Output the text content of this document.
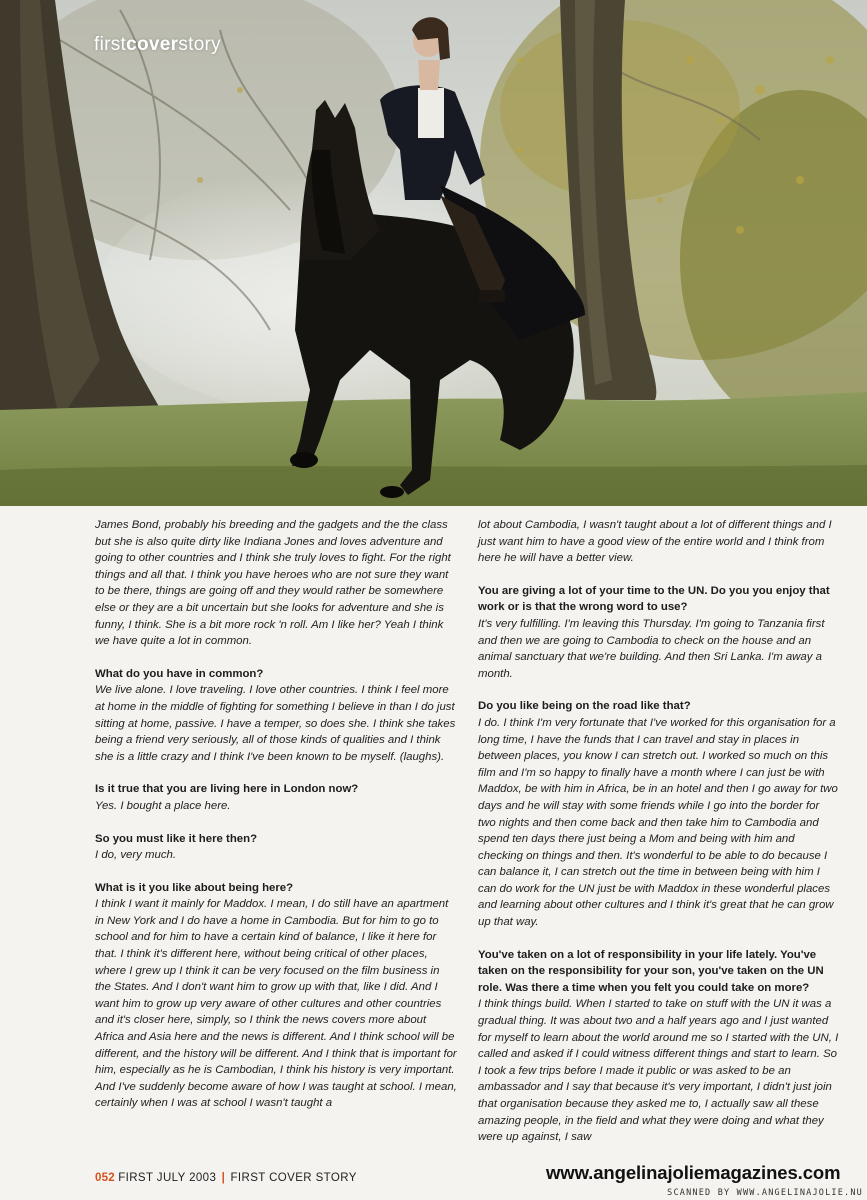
firstcoverstory

James Bond, probably his breeding and the gadgets and the the class but she is also quite dirty like Indiana Jones and loves adventure and going to other countries and I think she truly loves to fight. For the right things and all that. I think you have heroes who are not sure they want to be there, things are going off and they would rather be somewhere else or they are a bit uncertain but she looks for adventure and she is funny, I think. She is a bit more rock 'n roll. Am I like her? Yeah I think we have quite a lot in common.

What do you have in common?

We live alone. I love traveling. I love other countries. I think I feel more at home in the middle of fighting for something I believe in than I do just sitting at home, passive. I have a temper, so does she. I think she takes being a friend very seriously, all of those kinds of qualities and I think she is a little crazy and I think I've been known to be myself. (laughs).

Is it true that you are living here in London now?

Yes. I bought a place here.

So you must like it here then?

I do, very much.

What is it you like about being here?

I think I want it mainly for Maddox. I mean, I do still have an apartment in New York and I do have a home in Cambodia. But for him to go to school and for him to have a certain kind of balance, I like it here for that. I think it's different here, without being critical of other places, where I grew up I think it can be very focused on the film business in the States. And I don't want him to grow up with that, like I did. And I want him to grow up very aware of other cultures and other countries and it's closer here, simply, so I think the news covers more about Africa and Asia here and the news is different. And I think school will be different, and the history will be different. And I think that is important for him, especially as he is Cambodian, I think his history is very important. And I've suddenly become aware of how I was taught at school. I mean, certainly when I was at school I wasn't taught a

lot about Cambodia, I wasn't taught about a lot of different things and I just want him to have a good view of the entire world and I think from here he will have a better view.

You are giving a lot of your time to the UN. Do you you enjoy that work or is that the wrong word to use?

It's very fulfilling. I'm leaving this Thursday. I'm going to Tanzania first and then we are going to Cambodia to check on the house and an animal sanctuary that we're building. And then Sri Lanka. I'm away a month.

Do you like being on the road like that?

I do. I think I'm very fortunate that I've worked for this organisation for a long time, I have the funds that I can travel and stay in places in between places, you know I can stretch out. I worked so much on this film and I'm so happy to finally have a month where I can just be with Maddox, be with him in Africa, be in an hotel and then I go away for two days and he will stay with some friends while I go into the border for two nights and then come back and then take him to Cambodia and spend ten days there just being a Mom and being with him and checking on things and then. It's wonderful to be able to do because I can balance it, I can stretch out the time in between being with him I can do work for the UN just be with Maddox in these wonderful places and learning about other cultures and I think it's great that he can grow up that way.

You've taken on a lot of responsibility in your life lately. You've taken on the responsibility for your son, you've taken on the UN role. Was there a time when you felt you could take on more?

I think things build. When I started to take on stuff with the UN it was a gradual thing. It was about two and a half years ago and I just wanted for myself to learn about the world around me so I started with the UN, I called and asked if I could witness different things and start to learn. So I took a few trips before I made it public or was asked to be an ambassador and I say that because it's very important, I didn't just join that organisation because they asked me to, I actually saw all these amazing people, in the field and what they were doing and what they were up against, I saw

052 FIRST JULY 2003 | FIRST COVER STORY	www.angelinajoliemagazines.com
SCANNED BY WWW.ANGELINAJOLIE.NU
